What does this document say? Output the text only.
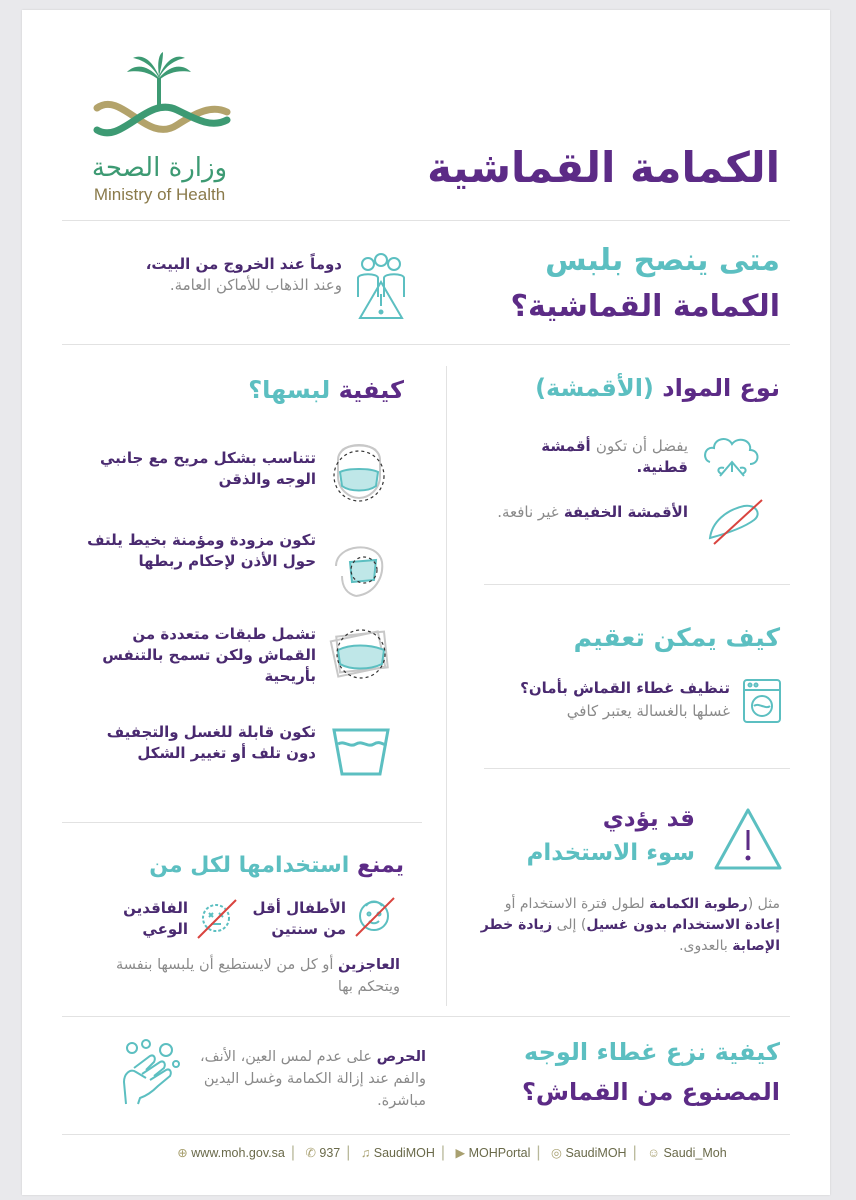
وزارة الصحة
Ministry of Health
الكمامة القماشية
متى ينصح بلبس
الكمامة القماشية؟
دوماً عند الخروج من البيت، وعند الذهاب للأماكن العامة.
نوع المواد (الأقمشة)
يفضل أن تكون أقمشة قطنية.
الأقمشة الخفيفة غير نافعة.
كيف يمكن تعقيم
تنظيف غطاء القماش بأمان؟
غسلها بالغسالة يعتبر كافي
قد يؤدي
سوء الاستخدام
مثل (رطوبة الكمامة لطول فترة الاستخدام أو إعادة الاستخدام بدون غسيل) إلى زيادة خطر الإصابة بالعدوى.
كيفية لبسها؟
تتناسب بشكل مريح مع جانبي الوجه والذقن
تكون مزودة ومؤمنة بخيط يلتف حول الأذن لإحكام ربطها
تشمل طبقات متعددة من القماش ولكن تسمح بالتنفس بأريحية
تكون قابلة للغسل والتجفيف دون تلف أو تغيير الشكل
يمنع استخدامها لكل من
الأطفال أقل من سنتين
الفاقدين الوعي
العاجزين أو كل من لايستطيع أن يلبسها بنفسة ويتحكم بها
كيفية نزع غطاء الوجه
المصنوع من القماش؟
الحرص على عدم لمس العين، الأنف، والفم عند إزالة الكمامة وغسل اليدين مباشرة.
⊕ www.moh.gov.sa | ✆ 937 | ♫ SaudiMOH | ▶ MOHPortal | ◎ SaudiMOH | ☺ Saudi_Moh
